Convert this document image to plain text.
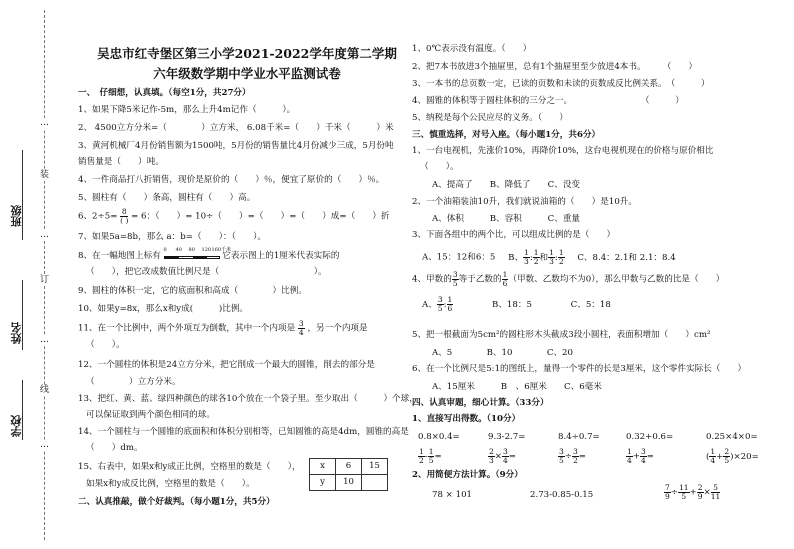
班级
姓名
学校
…
装
…
订
…
线
…
吴忠市红寺堡区第三小学2021-2022学年度第二学期
六年级数学期中学业水平监测试卷
一、　仔细想，认真填。（每空1分，共27分）
1、如果下降5米记作-5m，那么上升4m记作（　　　）。
2、 4500立方分米=（　　　　）立方米， 6.08千米=（　　）千米（　　　）米
3、黄河机械厂4月份销售额为1500吨，5月份的销售量比4月份减少三成，5月份吨
销售量是（　　）吨。
4、一件商品打八折销售，现价是原价的（　　）％，便宜了原价的（　　）％。
5、圆柱有（　　）条高，圆柱有（　　）高。
6、$2\div 5= \frac{8}{( )} = 6$：（　　）= 10÷（　　）=（　　）=（　　）成=（　　）折
7、如果5a=8b，那么 a：b=（　　）：（　　）。
8、在一幅地图上标有
0 40 80 120 160千米
它表示图上的1厘米代表实际的
（　　），把它改成数值比例尺是（　　　　　　　　　　　）。
9、圆柱的体积一定，它的底面积和高成（　　　　）比例。
10、如果y=8x，那么x和y成(　　　)比例。
11、在一个比例中，两个外项互为倒数，其中一个内项是 $\frac{3}{4}$ ，另一个内项是
（　　）。
12、一个圆柱的体积是24立方分米，把它削成一个最大的圆锥，削去的部分是
（　　　　）立方分米。
13、把红、黄、蓝、绿四种颜色的球各10个放在一个袋子里。至少取出（　　　）个球，
可以保证取到两个颜色相同的球。
14、一个圆柱与一个圆锥的底面积和体积分别相等，已知圆锥的高是4dm，圆锥的高是
（　　）dm。
15、右表中，如果x和y成正比例，空格里的数是（　　），
如果x和y成反比例，空格里的数是（　　）。
x	6	15
y	10	
二、认真推敲，做个好裁判。（每小题1分，共5分）
1、0℃表示没有温度。（　　）
2、把7本书放进3个抽屉里，总有1个抽屉里至少放进4本书。　　　（　　）
3、一本书的总页数一定，已读的页数和未读的页数成反比例关系。　（　　　）
4、圆锥的体积等于圆柱体积的三分之一。　　　　　　　　　（　　　）
5、纳税是每个公民应尽的义务。（　　）
三、慎重选择，对号入座。（每小题1分，共6分）
1、一台电视机，先涨价10%，再降价10%，这台电视机现在的价格与原价相比
（　　）。
A、提高了　　B、降低了　　C、没变
2、一个油箱装油10升，我们就说油箱的（　　）是10升。
A、体积　　　B、容积　　　C、重量
3、下面各组中的两个比，可以组成比例的是（　　）
A、15：12和6：5 B、 $\frac{1}{3}$ : $\frac{1}{2}$ 和 $\frac{1}{3}$ : $\frac{1}{2}$ C、8.4：2.1和 2.1：8.4
4、甲数的 $\frac{3}{5}$ 等于乙数的 $\frac{1}{6}$ （甲数、乙数均不为0），那么甲数与乙数的比是（　　）
A、 $\frac{3}{5}$ : $\frac{1}{6}$	B、18：5	C、5：18
5、把一根截面为5cm²的圆柱形木头截成3段小圆柱，表面积增加（　　）cm²
A、5　　　　B、10　　　　C、20
6、在一个比例尺是5:1的图纸上，量得一个零件的长是3厘米，这个零件实际长（　　）
A、15厘米　　　B　、6厘米　　C、6毫米
四、认真审题，细心计算。（33分）
1、直接写出得数。（10分）
0.8×0.4=	9.3-2.7=	8.4÷0.7=	0.32+0.6=	0.25×4×0=
$\frac{1}{2} - \frac{1}{5}$ =	$\frac{2}{3} \times \frac{3}{4}$ =	$\frac{3}{5} \div \frac{3}{2}$ =	$\frac{1}{4} + \frac{3}{4}$ =	( $\frac{1}{4} + \frac{2}{5} )\times 20=$
2、用简便方法计算。（9分）
78 × 101	2.73-0.85-0.15	$\frac{7}{9} \div \frac{11}{5} + \frac{2}{9} \times \frac{5}{11}$
